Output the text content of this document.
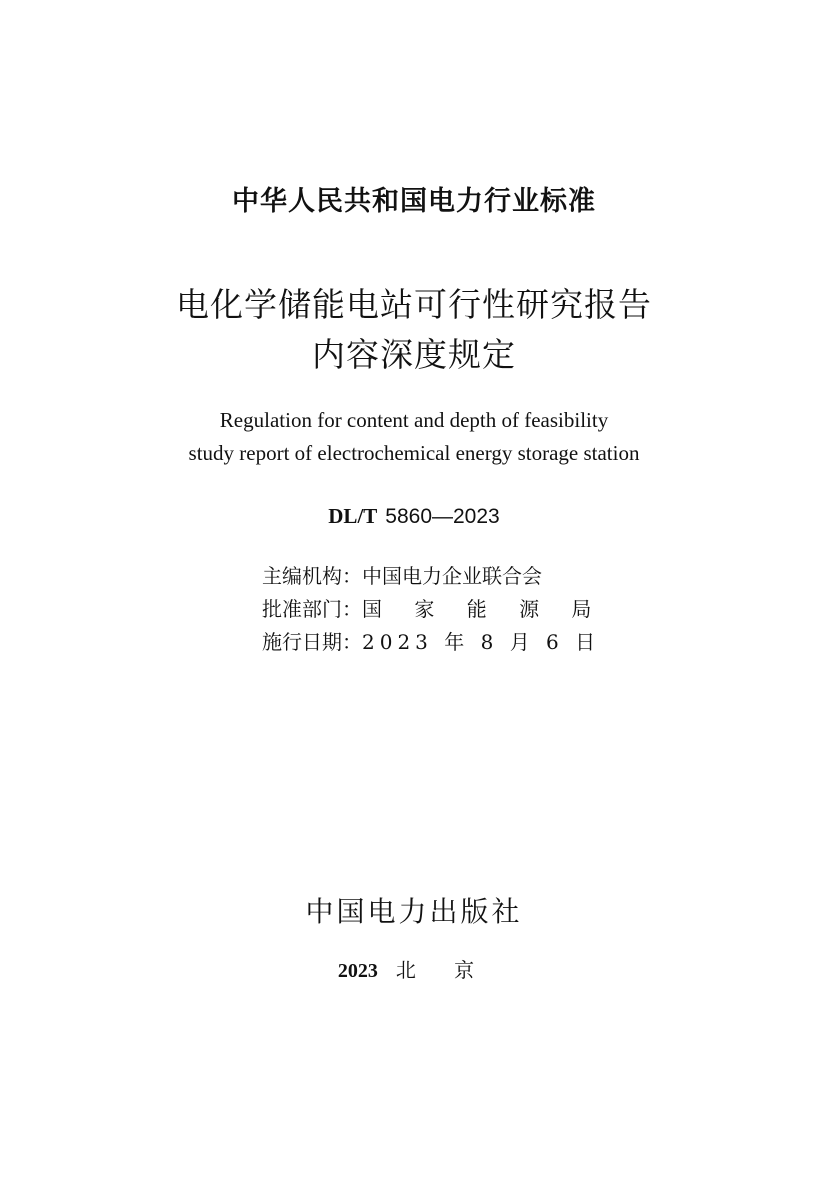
中华人民共和国电力行业标准
电化学储能电站可行性研究报告
内容深度规定
Regulation for content and depth of feasibility
study report of electrochemical energy storage station
DL/T 5860—2023
主编机构：中国电力企业联合会
批准部门：国 家 能 源 局
施行日期：2023 年 8 月 6 日
中国电力出版社
2023 北 京
